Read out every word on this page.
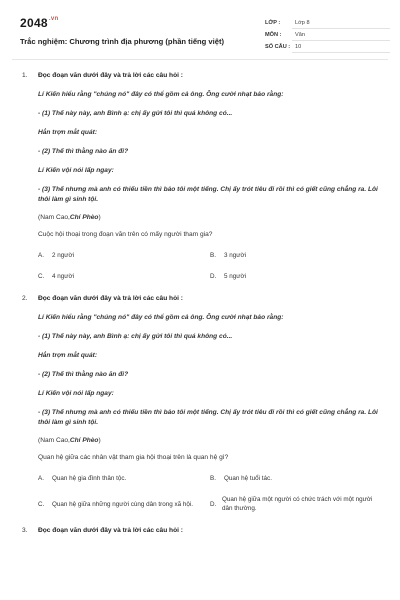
$2048^{.vn}$
Trắc nghiệm: Chương trình địa phương (phần tiếng việt)
LỚP :	Lớp 8
MÔN :	Văn
SỐ CÂU : 10
1. Đọc đoạn văn dưới đây và trả lời các câu hỏi :
Lí Kiến hiểu rằng "chúng nó" đây có thể gồm cả ông. Ông cười nhạt bảo rằng:
- (1) Thế này này, anh Bình ạ: chị ấy gửi tôi thì quá không có...
Hắn trợn mắt quát:
- (2) Thế thì thằng nào ăn đi?
Lí Kiến vội nói lấp ngay:
- (3) Thế nhưng mà anh có thiếu tiền thì bảo tôi một tiếng. Chị ấy trót tiêu đi rồi thì có giết cũng chẳng ra. Lôi thôi làm gì sinh tội.
(Nam Cao,Chí Phèo)
Cuộc hội thoại trong đoạn văn trên có mấy người tham gia?
A.	2 người	B.	3 người
C.	4 người	D.	5 người
2. Đọc đoạn văn dưới đây và trả lời các câu hỏi :
Lí Kiến hiểu rằng "chúng nó" đây có thể gồm cả ông. Ông cười nhạt bảo rằng:
- (1) Thế này này, anh Bình ạ: chị ấy gửi tôi thì quá không có...
Hắn trợn mắt quát:
- (2) Thế thì thằng nào ăn đi?
Lí Kiến vội nói lấp ngay:
- (3) Thế nhưng mà anh có thiếu tiền thì bảo tôi một tiếng. Chị ấy trót tiêu đi rồi thì có giết cũng chẳng ra. Lôi thôi làm gì sinh tội.
(Nam Cao,Chí Phèo)
Quan hệ giữa các nhân vật tham gia hội thoại trên là quan hệ gì?
A.	Quan hệ gia đình thân tộc.	B.	Quan hệ tuổi tác.
C.	Quan hệ giữa những người cùng dân trong xã hội.	D.
Quan hệ giữa một người có chức trách với một người dân thường.
3. Đọc đoạn văn dưới đây và trả lời các câu hỏi :
